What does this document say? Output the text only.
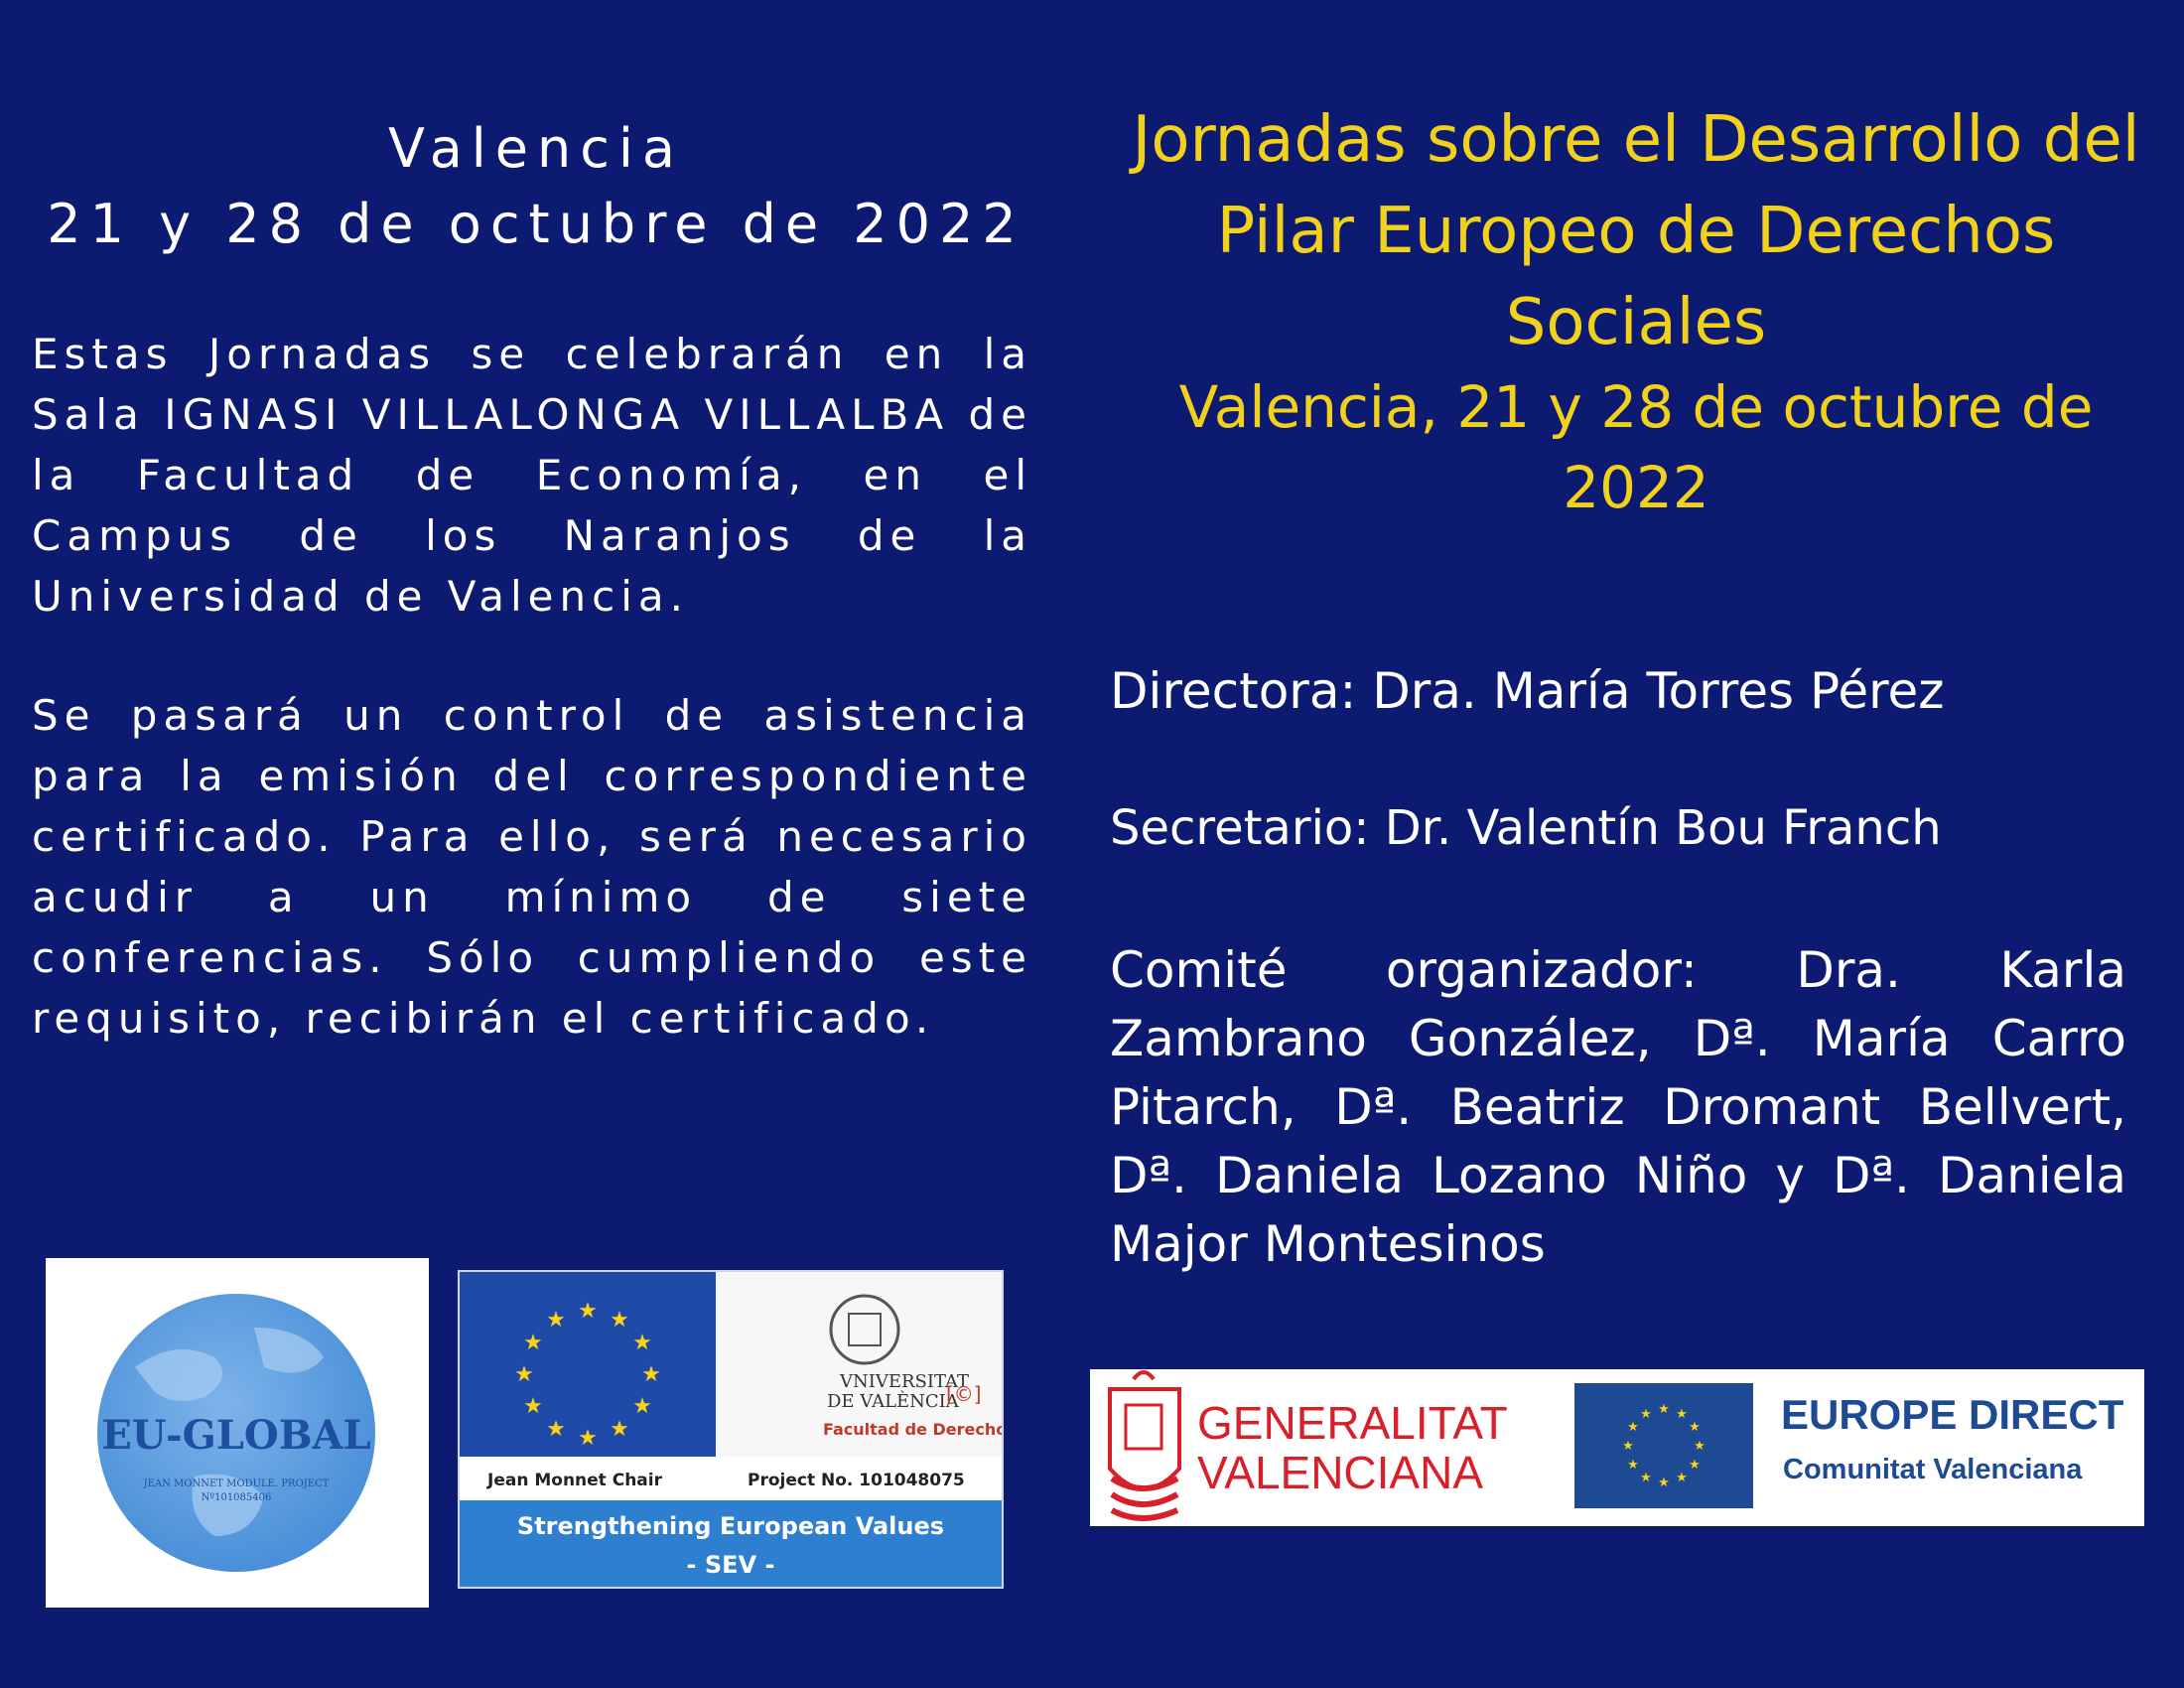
Valencia
21 y 28 de octubre de 2022
Estas Jornadas se celebrarán en la Sala IGNASI VILLALONGA VILLALBA de la Facultad de Economía, en el Campus de los Naranjos de la Universidad de Valencia.
Se pasará un control de asistencia para la emisión del correspondiente certificado. Para ello, será necesario acudir a un mínimo de siete conferencias. Sólo cumpliendo este requisito, recibirán el certificado.
Jornadas sobre el Desarrollo del Pilar Europeo de Derechos Sociales
Valencia, 21 y 28 de octubre de 2022
Directora: Dra. María Torres Pérez
Secretario: Dr. Valentín Bou Franch
Comité organizador: Dra. Karla Zambrano González, Dª. María Carro Pitarch, Dª. Beatriz Dromant Bellvert, Dª. Daniela Lozano Niño y Dª. Daniela Major Montesinos
EU-GLOBAL
JEAN MONNET MODULE. PROJECT
Nº101085406
★ ★
★
★
★
★
★
★
★
★
★
★
VNIVERSITAT
DE VALÈNCIA
[©]
Facultad de Derecho
Jean Monnet Chair	Project No. 101048075
Strengthening European Values
- SEV -
GENERALITAT
VALENCIANA
★ ★
★
★
★
★
★
★
★
★
★
★	EUROPE DIRECT
Comunitat Valenciana
